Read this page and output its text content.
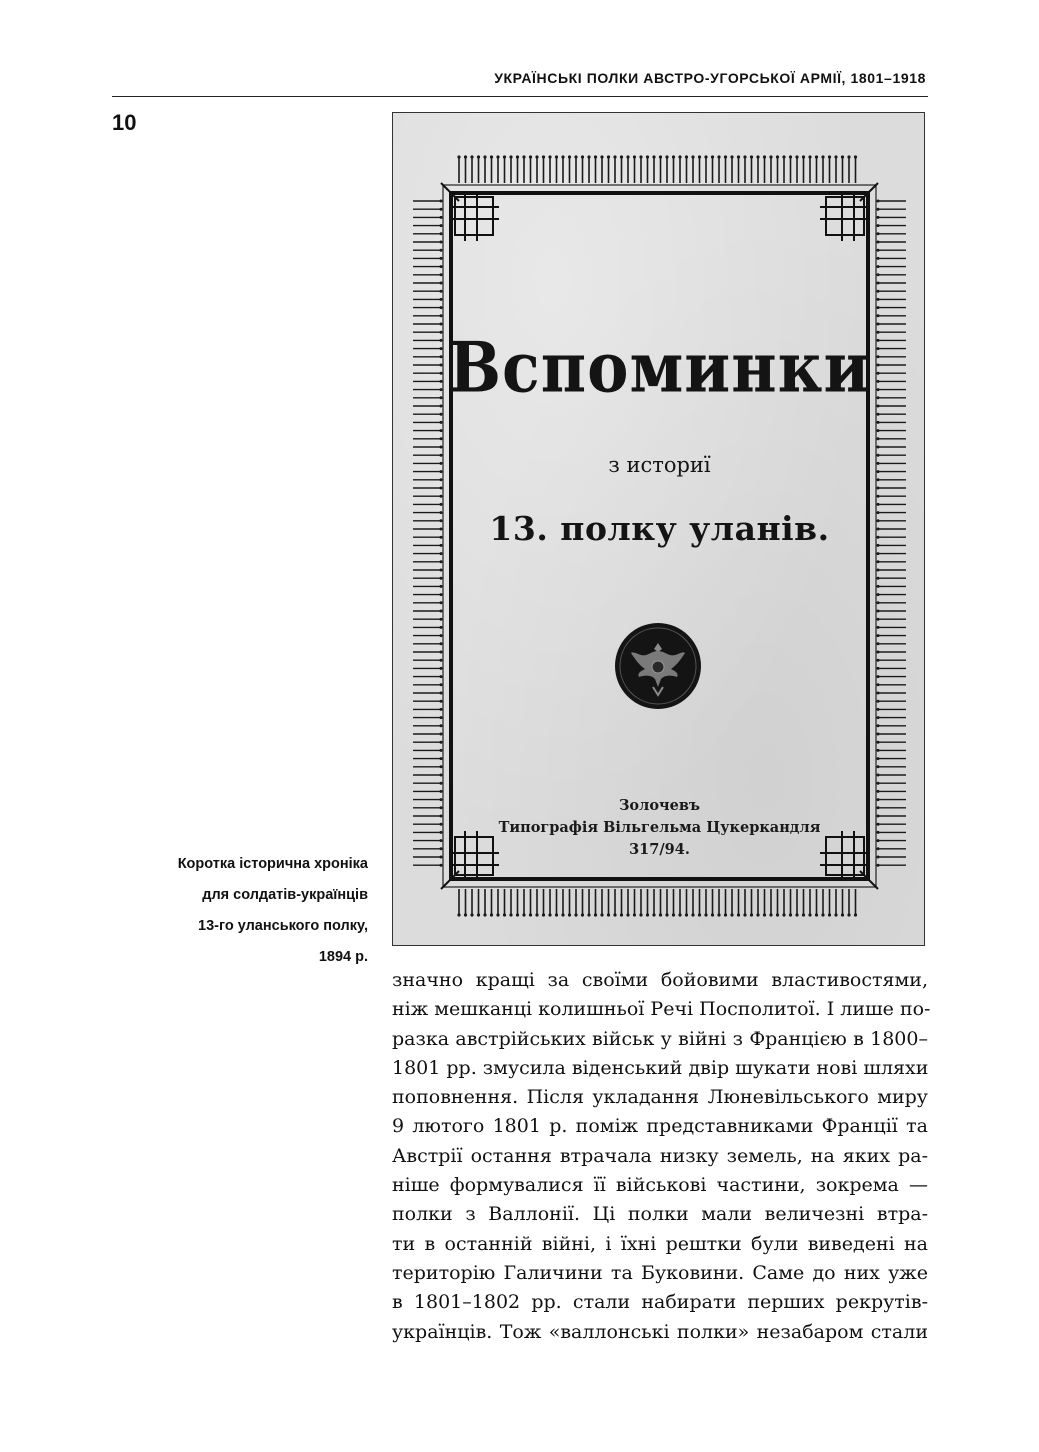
УКРАЇНСЬКІ ПОЛКИ АВСТРО-УГОРСЬКОЇ АРМІЇ, 1801–1918
10
Коротка історична хроніка
для солдатів-українців
13-го уланського полку,
1894 р.
Вспоминки
з историї
13. полку уланів.
Золочевъ
Типографія Вільгельма Цукеркандля
317/94.
значно кращі за своїми бойовими властивостями,
ніж мешканці колишньої Речі Посполитої. І лише по-
разка австрійських військ у війні з Францією в 1800–
1801 рр. змусила віденський двір шукати нові шляхи
поповнення. Після укладання Люневільського миру
9 лютого 1801 р. поміж представниками Франції та
Австрії остання втрачала низку земель, на яких ра-
ніше формувалися її військові частини, зокрема —
полки з Валлонії. Ці полки мали величезні втра-
ти в останній війні, і їхні рештки були виведені на
територію Галичини та Буковини. Саме до них уже
в 1801–1802 рр. стали набирати перших рекрутів-
українців. Тож «валлонські полки» незабаром стали
